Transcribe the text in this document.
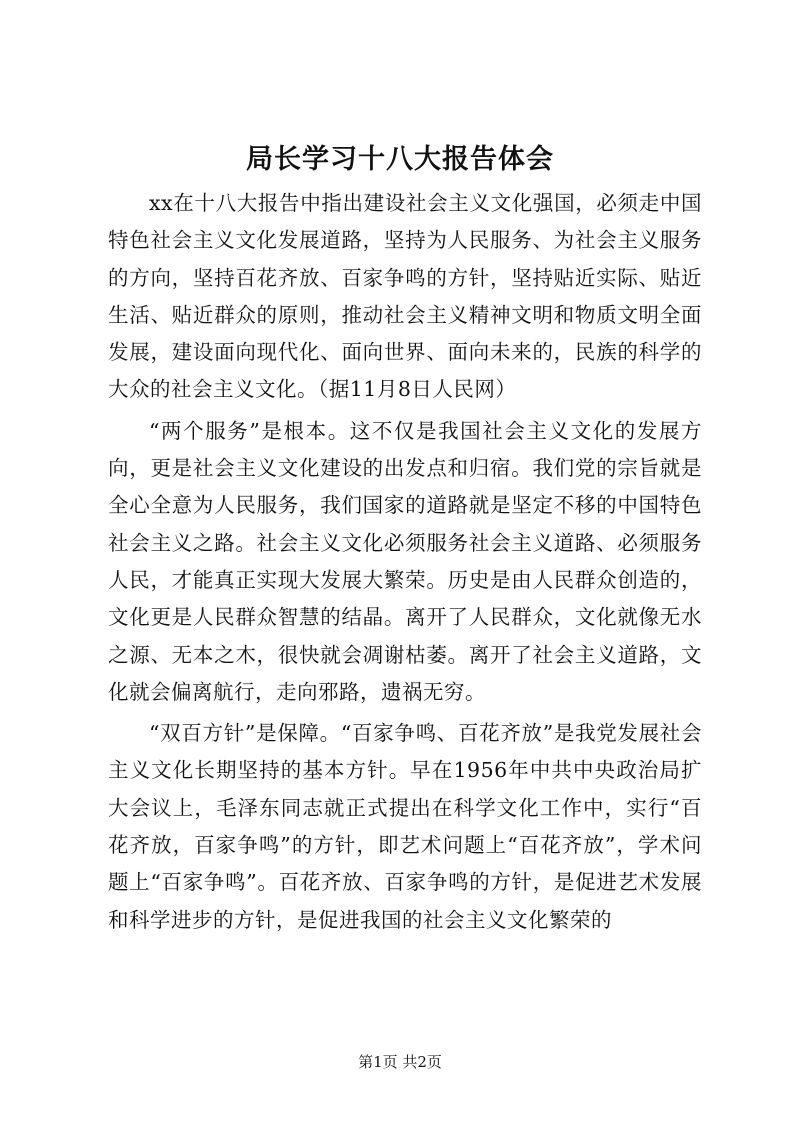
局长学习十八大报告体会

xx在十八大报告中指出建设社会主义文化强国，必须走中国特色社会主义文化发展道路，坚持为人民服务、为社会主义服务的方向，坚持百花齐放、百家争鸣的方针，坚持贴近实际、贴近生活、贴近群众的原则，推动社会主义精神文明和物质文明全面发展，建设面向现代化、面向世界、面向未来的，民族的科学的大众的社会主义文化。（据11月8日人民网）

“两个服务”是根本。这不仅是我国社会主义文化的发展方向，更是社会主义文化建设的出发点和归宿。我们党的宗旨就是全心全意为人民服务，我们国家的道路就是坚定不移的中国特色社会主义之路。社会主义文化必须服务社会主义道路、必须服务人民，才能真正实现大发展大繁荣。历史是由人民群众创造的，文化更是人民群众智慧的结晶。离开了人民群众，文化就像无水之源、无本之木，很快就会凋谢枯萎。离开了社会主义道路，文化就会偏离航行，走向邪路，遗祸无穷。

“双百方针”是保障。“百家争鸣、百花齐放”是我党发展社会主义文化长期坚持的基本方针。早在1956年中共中央政治局扩大会议上，毛泽东同志就正式提出在科学文化工作中，实行“百花齐放，百家争鸣”的方针，即艺术问题上“百花齐放”，学术问题上“百家争鸣”。百花齐放、百家争鸣的方针，是促进艺术发展和科学进步的方针，是促进我国的社会主义文化繁荣的

第1页 共2页
